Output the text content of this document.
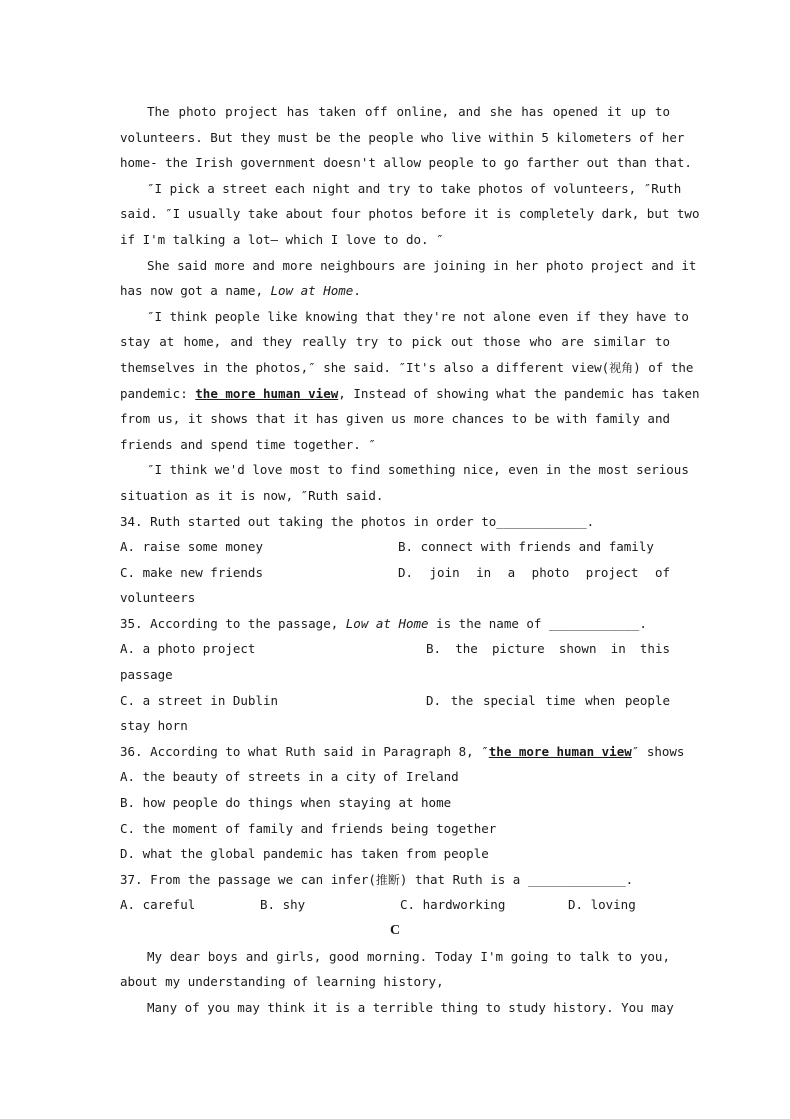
The photo project has taken off online, and she has opened it up to
volunteers. But they must be the people who live within 5 kilometers of her
home- the Irish government doesn't allow people to go farther out than that.
″I pick a street each night and try to take photos of volunteers, ″Ruth
said. ″I usually take about four photos before it is completely dark, but two
if I'm talking a lot— which I love to do. ″
She said more and more neighbours are joining in her photo project and it
has now got a name, Low at Home.
″I think people like knowing that they're not alone even if they have to
stay at home, and they really try to pick out those who are similar to
themselves in the photos,″ she said. ″It's also a different view(视角) of the
pandemic: the more human view, Instead of showing what the pandemic has taken
from us, it shows that it has given us more chances to be with family and
friends and spend time together. ″
″I think we'd love most to find something nice, even in the most serious
situation as it is now, ″Ruth said.
34. Ruth started out taking the photos in order to____________.
A. raise some money	B. connect with friends and family
C. make new friends	D. join in a photo project of
volunteers
35. According to the passage, Low at Home is the name of ____________.
A. a photo project	B. the picture shown in this
passage
C. a street in Dublin	D. the special time when people
stay horn
36. According to what Ruth said in Paragraph 8, ″the more human view″ shows
A. the beauty of streets in a city of Ireland
B. how people do things when staying at home
C. the moment of family and friends being together
D. what the global pandemic has taken from people
37. From the passage we can infer(推断) that Ruth is a _____________.
A. careful	B. shy	C. hardworking	D. loving
C
My dear boys and girls, good morning. Today I'm going to talk to you,
about my understanding of learning history,
Many of you may think it is a terrible thing to study history. You may
